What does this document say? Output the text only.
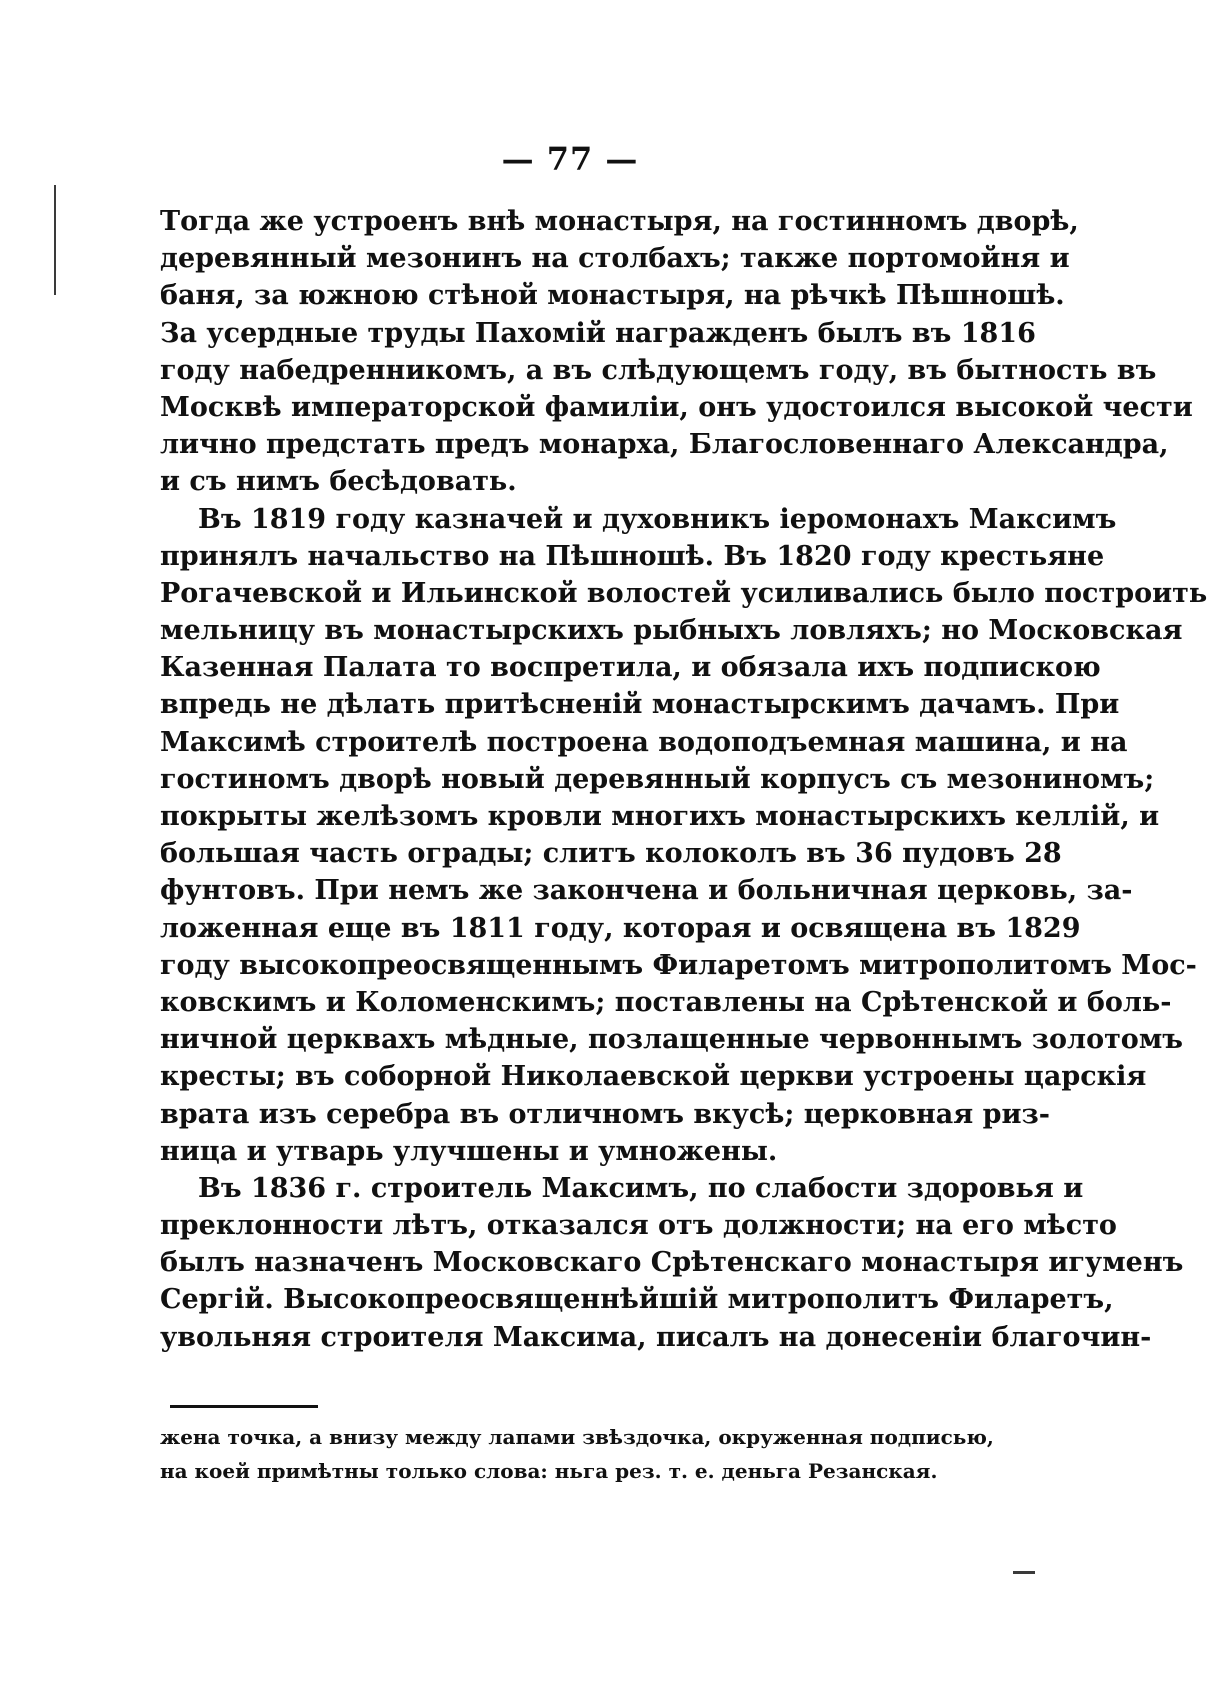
— 77 —
Тогда же устроенъ внѣ монастыря, на гостинномъ дворѣ,
деревянный мезонинъ на столбахъ; также портомойня и
баня, за южною стѣной монастыря, на рѣчкѣ Пѣшношѣ.
За усердные труды Пахомій награжденъ былъ въ 1816
году набедренникомъ, а въ слѣдующемъ году, въ бытность въ
Москвѣ императорской фамиліи, онъ удостоился высокой чести
лично предстать предъ монарха, Благословеннаго Александра,
и съ нимъ бесѣдовать.
Въ 1819 году казначей и духовникъ іеромонахъ Максимъ
принялъ начальство на Пѣшношѣ. Въ 1820 году крестьяне
Рогачевской и Ильинской волостей усиливались было построить
мельницу въ монастырскихъ рыбныхъ ловляхъ; но Московская
Казенная Палата то воспретила, и обязала ихъ подпискою
впредь не дѣлать притѣсненій монастырскимъ дачамъ. При
Максимѣ строителѣ построена водоподъемная машина, и на
гостиномъ дворѣ новый деревянный корпусъ съ мезониномъ;
покрыты желѣзомъ кровли многихъ монастырскихъ келлій, и
большая часть ограды; слитъ колоколъ въ 36 пудовъ 28
фунтовъ. При немъ же закончена и больничная церковь, за-
ложенная еще въ 1811 году, которая и освящена въ 1829
году высокопреосвященнымъ Филаретомъ митрополитомъ Мос-
ковскимъ и Коломенскимъ; поставлены на Срѣтенской и боль-
ничной церквахъ мѣдные, позлащенные червоннымъ золотомъ
кресты; въ соборной Николаевской церкви устроены царскія
врата изъ серебра въ отличномъ вкусѣ; церковная риз-
ница и утварь улучшены и умножены.
Въ 1836 г. строитель Максимъ, по слабости здоровья и
преклонности лѣтъ, отказался отъ должности; на его мѣсто
былъ назначенъ Московскаго Срѣтенскаго монастыря игуменъ
Сергій. Высокопреосвященнѣйшій митрополитъ Филаретъ,
увольняя строителя Максима, писалъ на донесеніи благочин-
жена точка, а внизу между лапами звѣздочка, окруженная подписью,
на коей примѣтны только слова: ньга рез. т. е. деньга Резанская.
